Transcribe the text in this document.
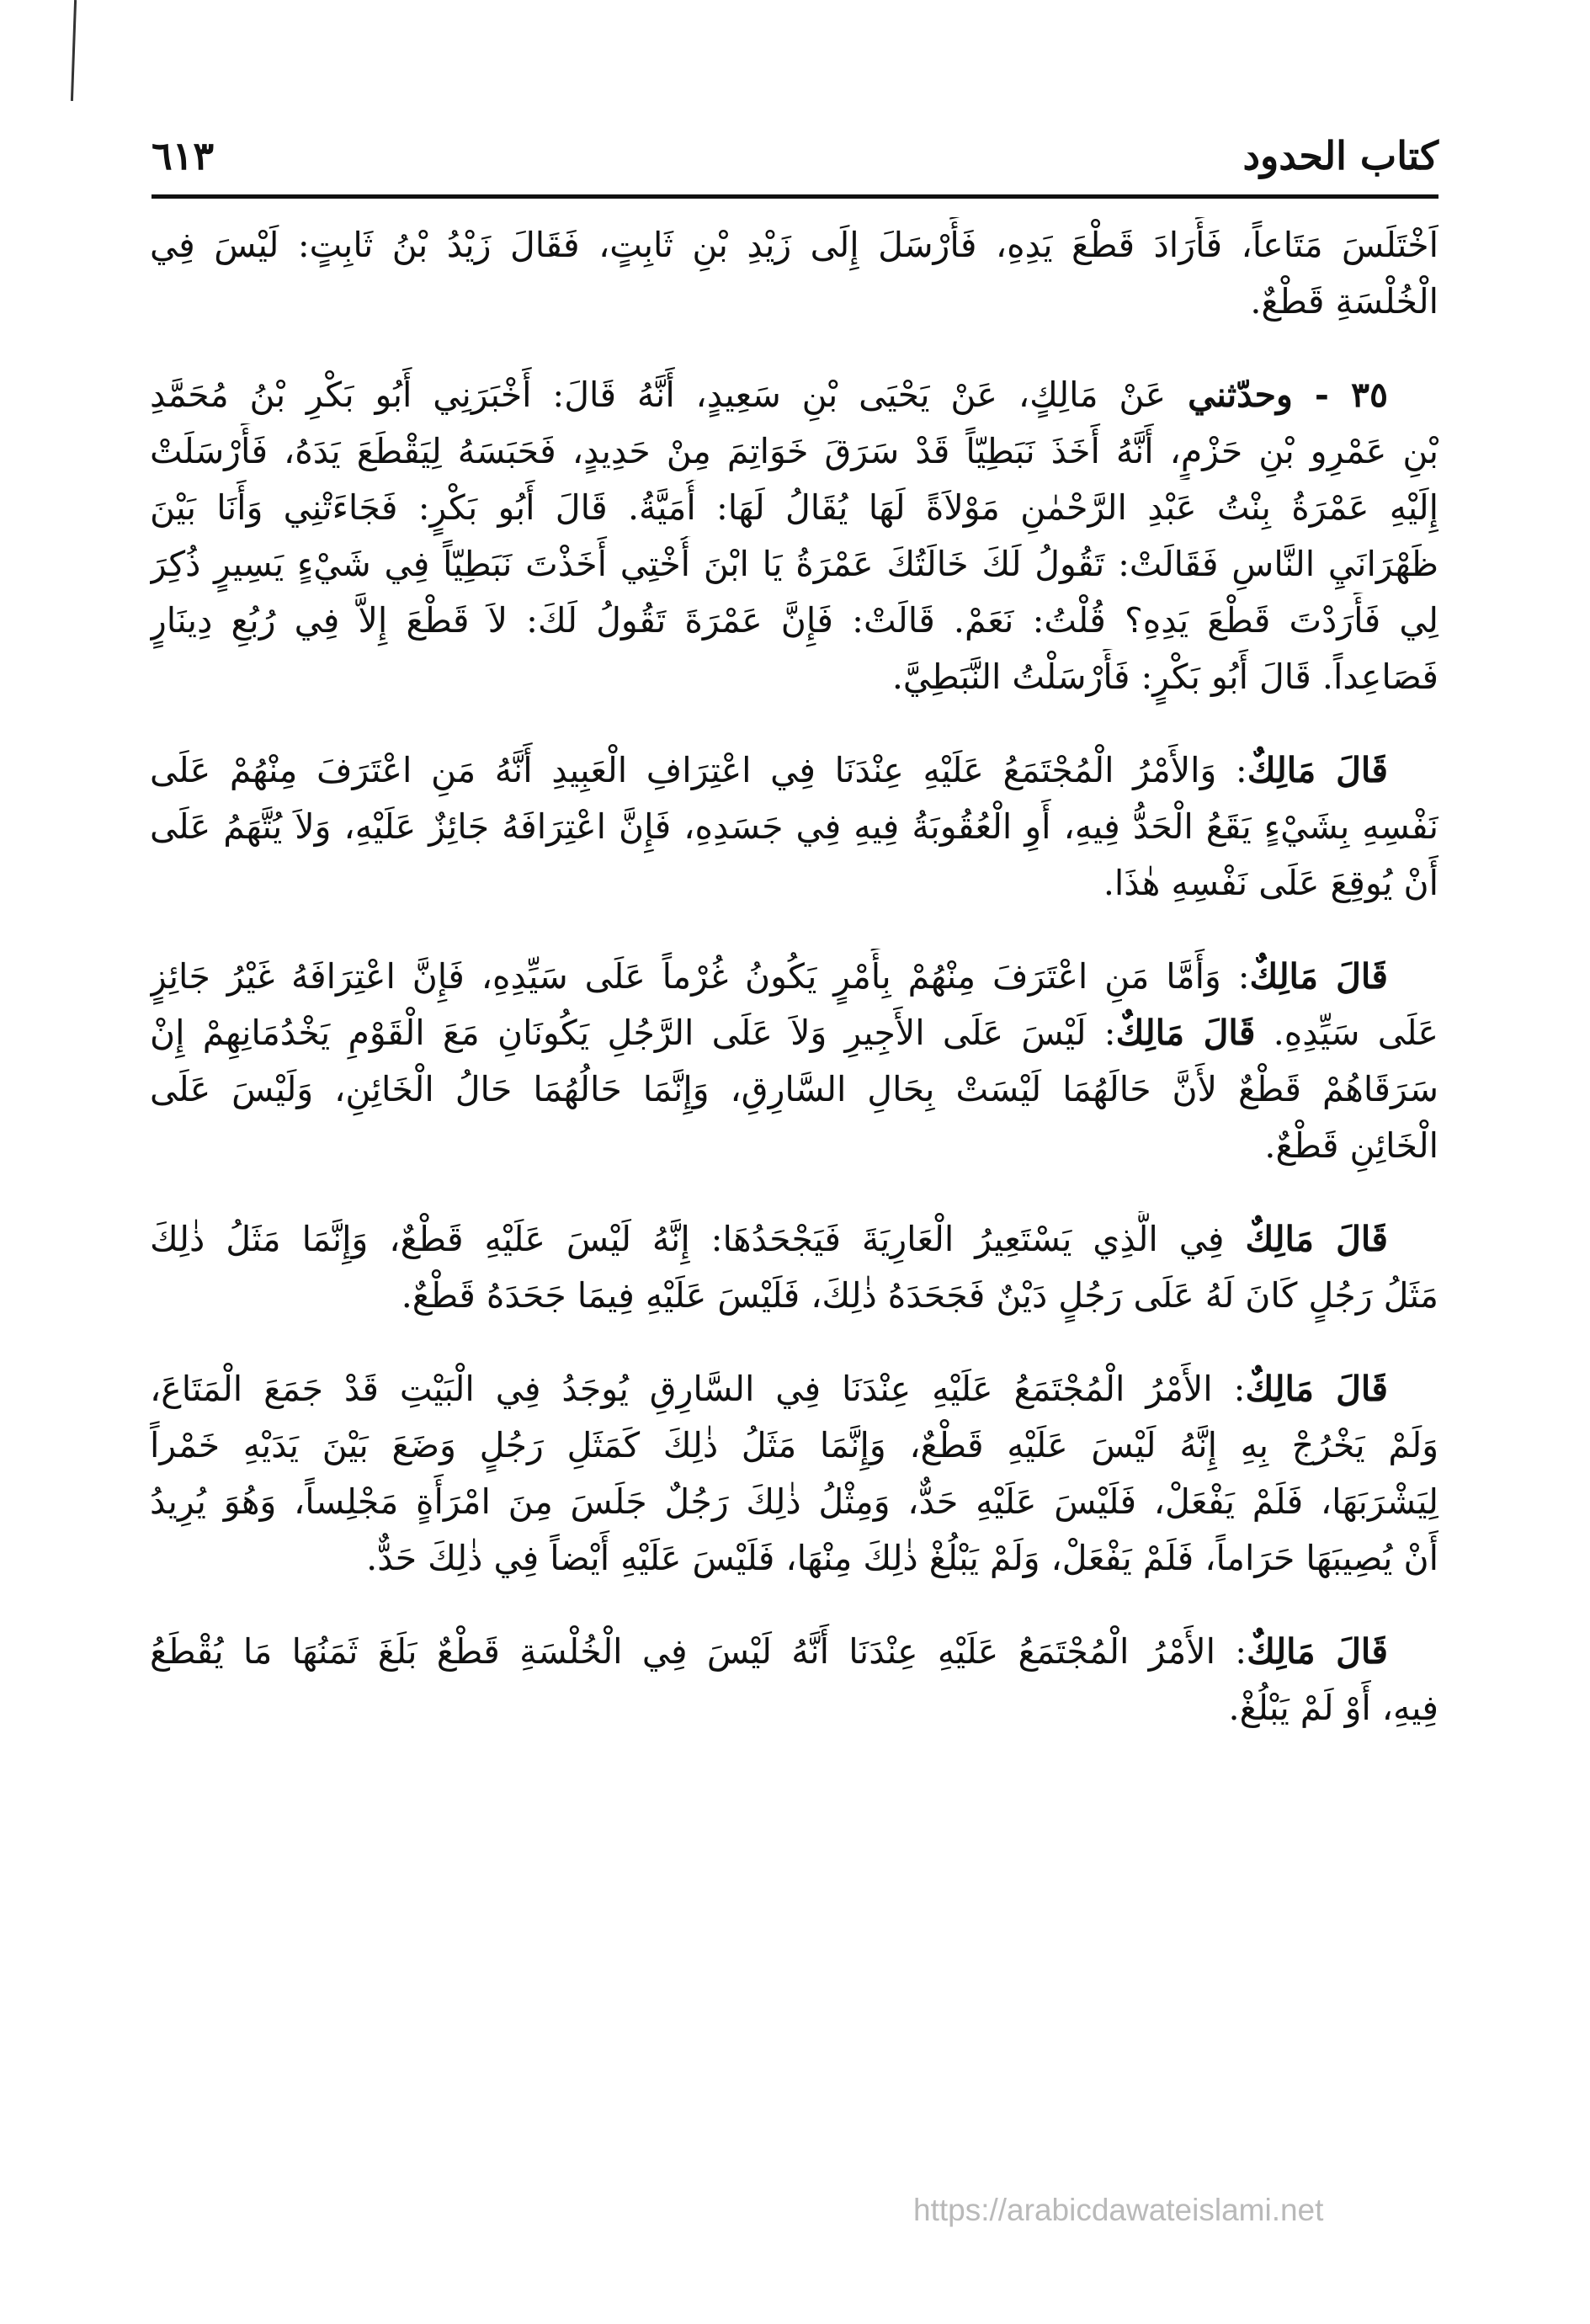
كتاب الحدود
٦١٣
اَخْتَلَسَ مَتَاعاً، فَأَرَادَ قَطْعَ يَدِهِ، فَأَرْسَلَ إِلَى زَيْدِ بْنِ ثَابِتٍ، فَقَالَ زَيْدُ بْنُ ثَابِتٍ: لَيْسَ فِي
الْخُلْسَةِ قَطْعٌ.
٣٥ - وحدّثني عَنْ مَالِكٍ، عَنْ يَحْيَى بْنِ سَعِيدٍ، أَنَّهُ قَالَ: أَخْبَرَنِي أَبُو بَكْرِ بْنُ مُحَمَّدِ
بْنِ عَمْرِو بْنِ حَزْمٍ، أَنَّهُ أَخَذَ نَبَطِيّاً قَدْ سَرَقَ خَوَاتِمَ مِنْ حَدِيدٍ، فَحَبَسَهُ لِيَقْطَعَ يَدَهُ، فَأَرْسَلَتْ
إِلَيْهِ عَمْرَةُ بِنْتُ عَبْدِ الرَّحْمٰنِ مَوْلاَةً لَهَا يُقَالُ لَهَا: أُمَيَّةُ. قَالَ أَبُو بَكْرٍ: فَجَاءَتْنِي وَأَنَا بَيْنَ
ظَهْرَانَيِ النَّاسِ فَقَالَتْ: تَقُولُ لَكَ خَالَتُكَ عَمْرَةُ يَا ابْنَ أُخْتِي أَخَذْتَ نَبَطِيّاً فِي شَيْءٍ يَسِيرٍ ذُكِرَ
لِي فَأَرَدْتَ قَطْعَ يَدِهِ؟ قُلْتُ: نَعَمْ. قَالَتْ: فَإِنَّ عَمْرَةَ تَقُولُ لَكَ: لاَ قَطْعَ إِلاَّ فِي رُبُعِ دِينَارٍ
فَصَاعِداً. قَالَ أَبُو بَكْرٍ: فَأَرْسَلْتُ النَّبَطِيَّ.
قَالَ مَالِكٌ: وَالأَمْرُ الْمُجْتَمَعُ عَلَيْهِ عِنْدَنَا فِي اعْتِرَافِ الْعَبِيدِ أَنَّهُ مَنِ اعْتَرَفَ مِنْهُمْ عَلَى
نَفْسِهِ بِشَيْءٍ يَقَعُ الْحَدُّ فِيهِ، أَوِ الْعُقُوبَةُ فِيهِ فِي جَسَدِهِ، فَإِنَّ اعْتِرَافَهُ جَائِزٌ عَلَيْهِ، وَلاَ يُتَّهَمُ عَلَى
أَنْ يُوقِعَ عَلَى نَفْسِهِ هٰذَا.
قَالَ مَالِكٌ: وَأَمَّا مَنِ اعْتَرَفَ مِنْهُمْ بِأَمْرٍ يَكُونُ غُرْماً عَلَى سَيِّدِهِ، فَإِنَّ اعْتِرَافَهُ غَيْرُ جَائِزٍ
عَلَى سَيِّدِهِ. قَالَ مَالِكٌ: لَيْسَ عَلَى الأَجِيرِ وَلاَ عَلَى الرَّجُلِ يَكُونَانِ مَعَ الْقَوْمِ يَخْدُمَانِهِمْ إِنْ
سَرَقَاهُمْ قَطْعٌ لأَنَّ حَالَهُمَا لَيْسَتْ بِحَالِ السَّارِقِ، وَإِنَّمَا حَالُهُمَا حَالُ الْخَائِنِ، وَلَيْسَ عَلَى
الْخَائِنِ قَطْعٌ.
قَالَ مَالِكٌ فِي الَّذِي يَسْتَعِيرُ الْعَارِيَةَ فَيَجْحَدُهَا: إِنَّهُ لَيْسَ عَلَيْهِ قَطْعٌ، وَإِنَّمَا مَثَلُ ذٰلِكَ
مَثَلُ رَجُلٍ كَانَ لَهُ عَلَى رَجُلٍ دَيْنٌ فَجَحَدَهُ ذٰلِكَ، فَلَيْسَ عَلَيْهِ فِيمَا جَحَدَهُ قَطْعٌ.
قَالَ مَالِكٌ: الأَمْرُ الْمُجْتَمَعُ عَلَيْهِ عِنْدَنَا فِي السَّارِقِ يُوجَدُ فِي الْبَيْتِ قَدْ جَمَعَ الْمَتَاعَ،
وَلَمْ يَخْرُجْ بِهِ إِنَّهُ لَيْسَ عَلَيْهِ قَطْعٌ، وَإِنَّمَا مَثَلُ ذٰلِكَ كَمَثَلِ رَجُلٍ وَضَعَ بَيْنَ يَدَيْهِ خَمْراً
لِيَشْرَبَهَا، فَلَمْ يَفْعَلْ، فَلَيْسَ عَلَيْهِ حَدٌّ، وَمِثْلُ ذٰلِكَ رَجُلٌ جَلَسَ مِنَ امْرَأَةٍ مَجْلِساً، وَهُوَ يُرِيدُ
أَنْ يُصِيبَهَا حَرَاماً، فَلَمْ يَفْعَلْ، وَلَمْ يَبْلُغْ ذٰلِكَ مِنْهَا، فَلَيْسَ عَلَيْهِ أَيْضاً فِي ذٰلِكَ حَدٌّ.
قَالَ مَالِكٌ: الأَمْرُ الْمُجْتَمَعُ عَلَيْهِ عِنْدَنَا أَنَّهُ لَيْسَ فِي الْخُلْسَةِ قَطْعٌ بَلَغَ ثَمَنُهَا مَا يُقْطَعُ
فِيهِ، أَوْ لَمْ يَبْلُغْ.
https://arabicdawateislami.net
